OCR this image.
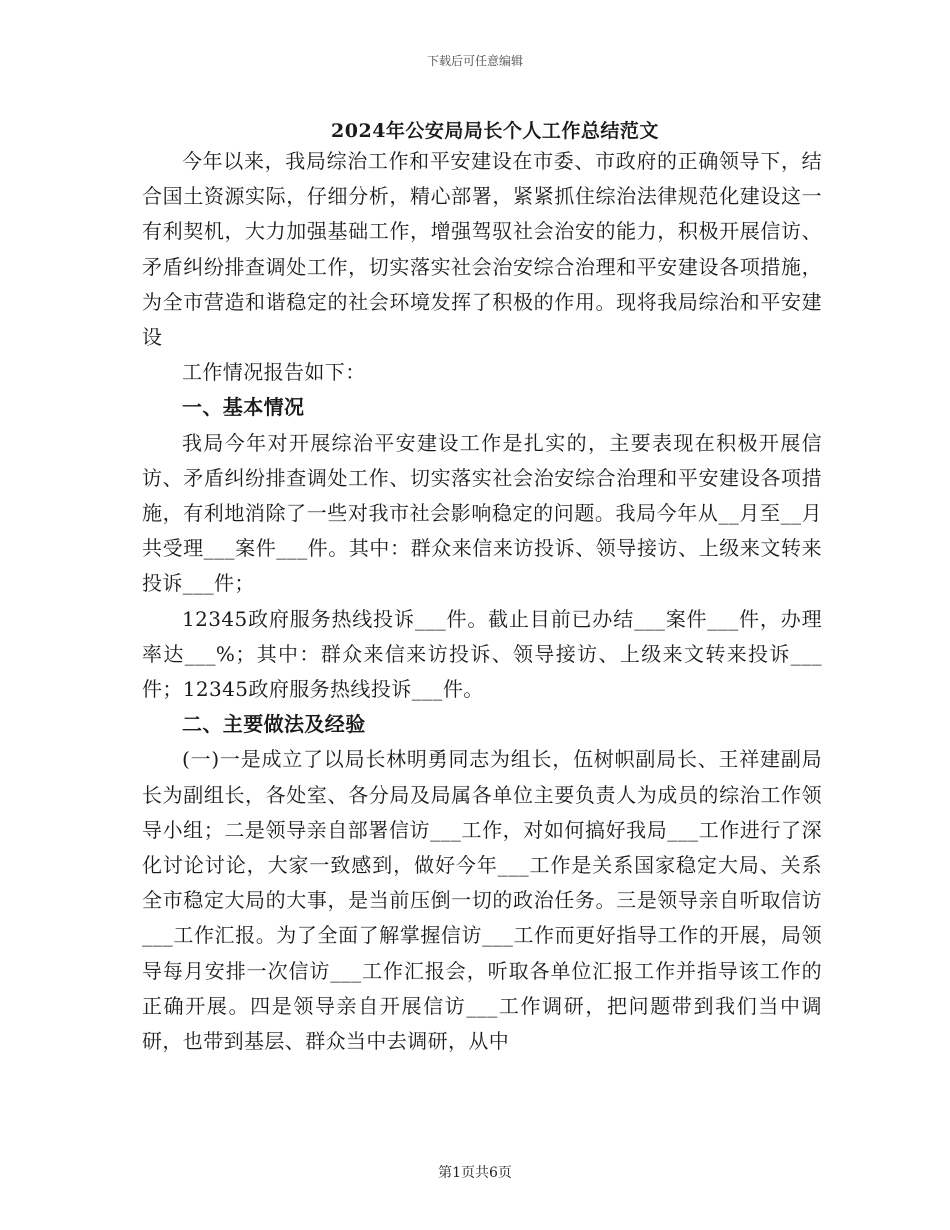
下载后可任意编辑
2024年公安局局长个人工作总结范文

今年以来，我局综治工作和平安建设在市委、市政府的正确领导下，结合国土资源实际，仔细分析，精心部署，紧紧抓住综治法律规范化建设这一有利契机，大力加强基础工作，增强驾驭社会治安的能力，积极开展信访、矛盾纠纷排查调处工作，切实落实社会治安综合治理和平安建设各项措施，为全市营造和谐稳定的社会环境发挥了积极的作用。现将我局综治和平安建设

工作情况报告如下：

一、基本情况

我局今年对开展综治平安建设工作是扎实的，主要表现在积极开展信访、矛盾纠纷排查调处工作、切实落实社会治安综合治理和平安建设各项措施，有利地消除了一些对我市社会影响稳定的问题。我局今年从__月至__月共受理___案件___件。其中：群众来信来访投诉、领导接访、上级来文转来投诉___件；

12345政府服务热线投诉___件。截止目前已办结___案件___件，办理率达___%；其中：群众来信来访投诉、领导接访、上级来文转来投诉___件；12345政府服务热线投诉___件。

二、主要做法及经验

(一)一是成立了以局长林明勇同志为组长，伍树帜副局长、王祥建副局长为副组长，各处室、各分局及局属各单位主要负责人为成员的综治工作领导小组；二是领导亲自部署信访___工作，对如何搞好我局___工作进行了深化讨论讨论，大家一致感到，做好今年___工作是关系国家稳定大局、关系全市稳定大局的大事，是当前压倒一切的政治任务。三是领导亲自听取信访___工作汇报。为了全面了解掌握信访___工作而更好指导工作的开展，局领导每月安排一次信访___工作汇报会，听取各单位汇报工作并指导该工作的正确开展。四是领导亲自开展信访___工作调研，把问题带到我们当中调研，也带到基层、群众当中去调研，从中

第1页共6页
